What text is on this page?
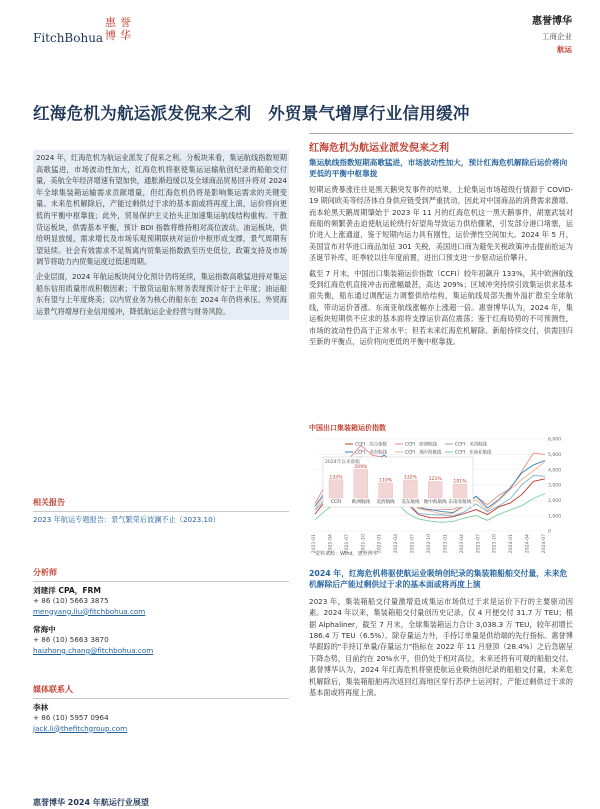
FitchBohua
惠 誉
博 华
惠誉博华
工商企业
航运
红海危机为航运派发倪来之利　外贸景气增厚行业信用缓冲

2024 年，红海危机为航运业派发了倪来之利。分板块来看，集运航线指数短期高歌猛进，市场波动性加大，红海危机将驱使集运运输航创纪录的船舶交付量，美航全年经济增速有望加快，通胀渐趋缓以及全球商品贸易回升将对 2024 年全球集装箱运输需求贡献增量，但红海危机仍将是影响集运需求的关键变量。未来危机解除后，产能过剩供过于求的基本面或将再度上演，运价将向更低的平衡中枢靠拢；此外，贸易保护主义抬头正加速集运航线结构重构。干散货运板块，供需基本平衡，预计 BDI 指数将维持相对高位波动。油运板块，供给明显放缓，需求增长及市场乐观预期联袂对运价中枢形成支撑，景气周期有望延续。社会有效需求不足叛离内贸集运指数跌至历史低位，政策支持及市场调节将助力内贸集运度过低速周期。

企业层面，2024 年航运板块间分化预计仍将延续，集运指数高歌猛进持对集运船东信用质量形成积极因素；干散货运船东财务表现预计好于上年度；油运船东有望与上年度烧美；以内贸业务为核心的船东在 2024 年仍将承压。外贸海运景气将增厚行业信用缓冲，降低航运企业经营与财务风险。

相关报告
2023 年航运专题报告：景气繁荣后波澜不止（2023.10）
分析师
刘建洋 CPA，FRM
+ 86 (10) 5663 3875
mengyang.liu@fitchbohua.com
常海中
+ 86 (10) 5663 3870
haizhong.chang@fitchbohua.com
媒体联系人
李林
+ 86 (10) 5957 0964
jack.li@thefitchgroup.com
红海危机为航运业派发倪来之利
集运航线指数短期高歌猛进，市场波动性加大，预计红海危机解除后运价将向更低的平衡中枢靠拢

短期运费暴涨往往是黑天鹅突发事件的结果，上轮集运市场超级行情源于 COVID-19 期间欧美等经济体自身供应链受到严重扰动，因此对中国商品的消费需求激增。而本轮黑天鹅周期肇始于 2023 年 11 月的红海危机这一黑天鹅事件，胡塞武装对商船的频繁袭击迫使航运轮绕行好望角导致运力供给骤紧，引发部分港口堵塞，运价进入上涨通道，鉴于短期内运力具有刚性，运价弹性空间加大。2024 年 5 月，美国宣布对华进口商品加征 301 关税，美国进口商为避免关税政策冲击提前抢运为圣诞节补库，旺季较以往年度前置，进出口预支进一步驱动运价攀升。

截至 7 月末，中国出口集装箱运价指数（CCFI）较年初飙升 133%，其中欧洲航线受到红海危机直接冲击而涨幅最甚，高达 209%；区域冲突持续引致集运供求基本面失衡，船东通过调配运力调整供给结构，集运航线局部失衡外溢扩散至全球航线，带动运价普涨。东南亚航线涨幅亦上涨超一倍。惠誉博华认为，2024 年，集运板块短期供不应求的基本面将支撑运价高位震荡；鉴于红海局势的不可预测性，市场的波动性仍高于正常水平；但若未来红海危机解除、新船持续交付，供需回归至新的平衡点，运价将向更低的平衡中枢靠拢。

中国出口集装箱运价指数
0
1,000
2,000
3,000
4,000
5,000
6,000
CCFI：综合指数	CCFI：欧洲航线	CCFI：美西航线
CCFI：美东航线	CCFI：地中海航线	CCFI：东南亚航线
2024年以来涨幅
133%
CCFI
209%
欧洲航线
110%
美西航线
132%
美东航线
121%
地中海航线
101%
东南亚航线
2021-01 2021-04 2021-07 2021-10 2022-01 2022-04 2022-07 2022-10 2023-01 2023-04 2023-07 2023-10 2024-01 2024-04 2024-07
资料来源：Wind，惠誉博华
2024 年，红海危机将驱使航运业吸纳创纪录的集装箱船舶交付量，未来危机解除后产能过剩供过于求的基本面或将再度上演

2023 年，集装箱船交付量激增造成集运市场供过于求是运价下行的主要驱动因素。2024 年以来，集装箱船交付量创历史记录，仅 4 月便交付 31.7 万 TEU；根据 Alphaliner，截至 7 月末，全球集装箱运力合计 3,038.3 万 TEU，较年初增长 186.4 万 TEU（6.5%）。除存量运力外，手持订单量是供给端的先行指标。惠誉博华跟踪的"手持订单量/存量运力"指标在 2022 年 11 月登顶（28.4%）之后急剧呈下降态势，目前约在 20%水平，但仍处于相对高位，未来还将有可观的船舶交付。惠誉博华认为，2024 年红海危机将驱使航运业吸纳创纪录的船舶交付量，未来危机解除后，集装箱船舶再次返回红海地区穿行苏伊士运河时，产能过剩供过于求的基本面或将再度上演。

惠誉博华 2024 年航运行业展望
